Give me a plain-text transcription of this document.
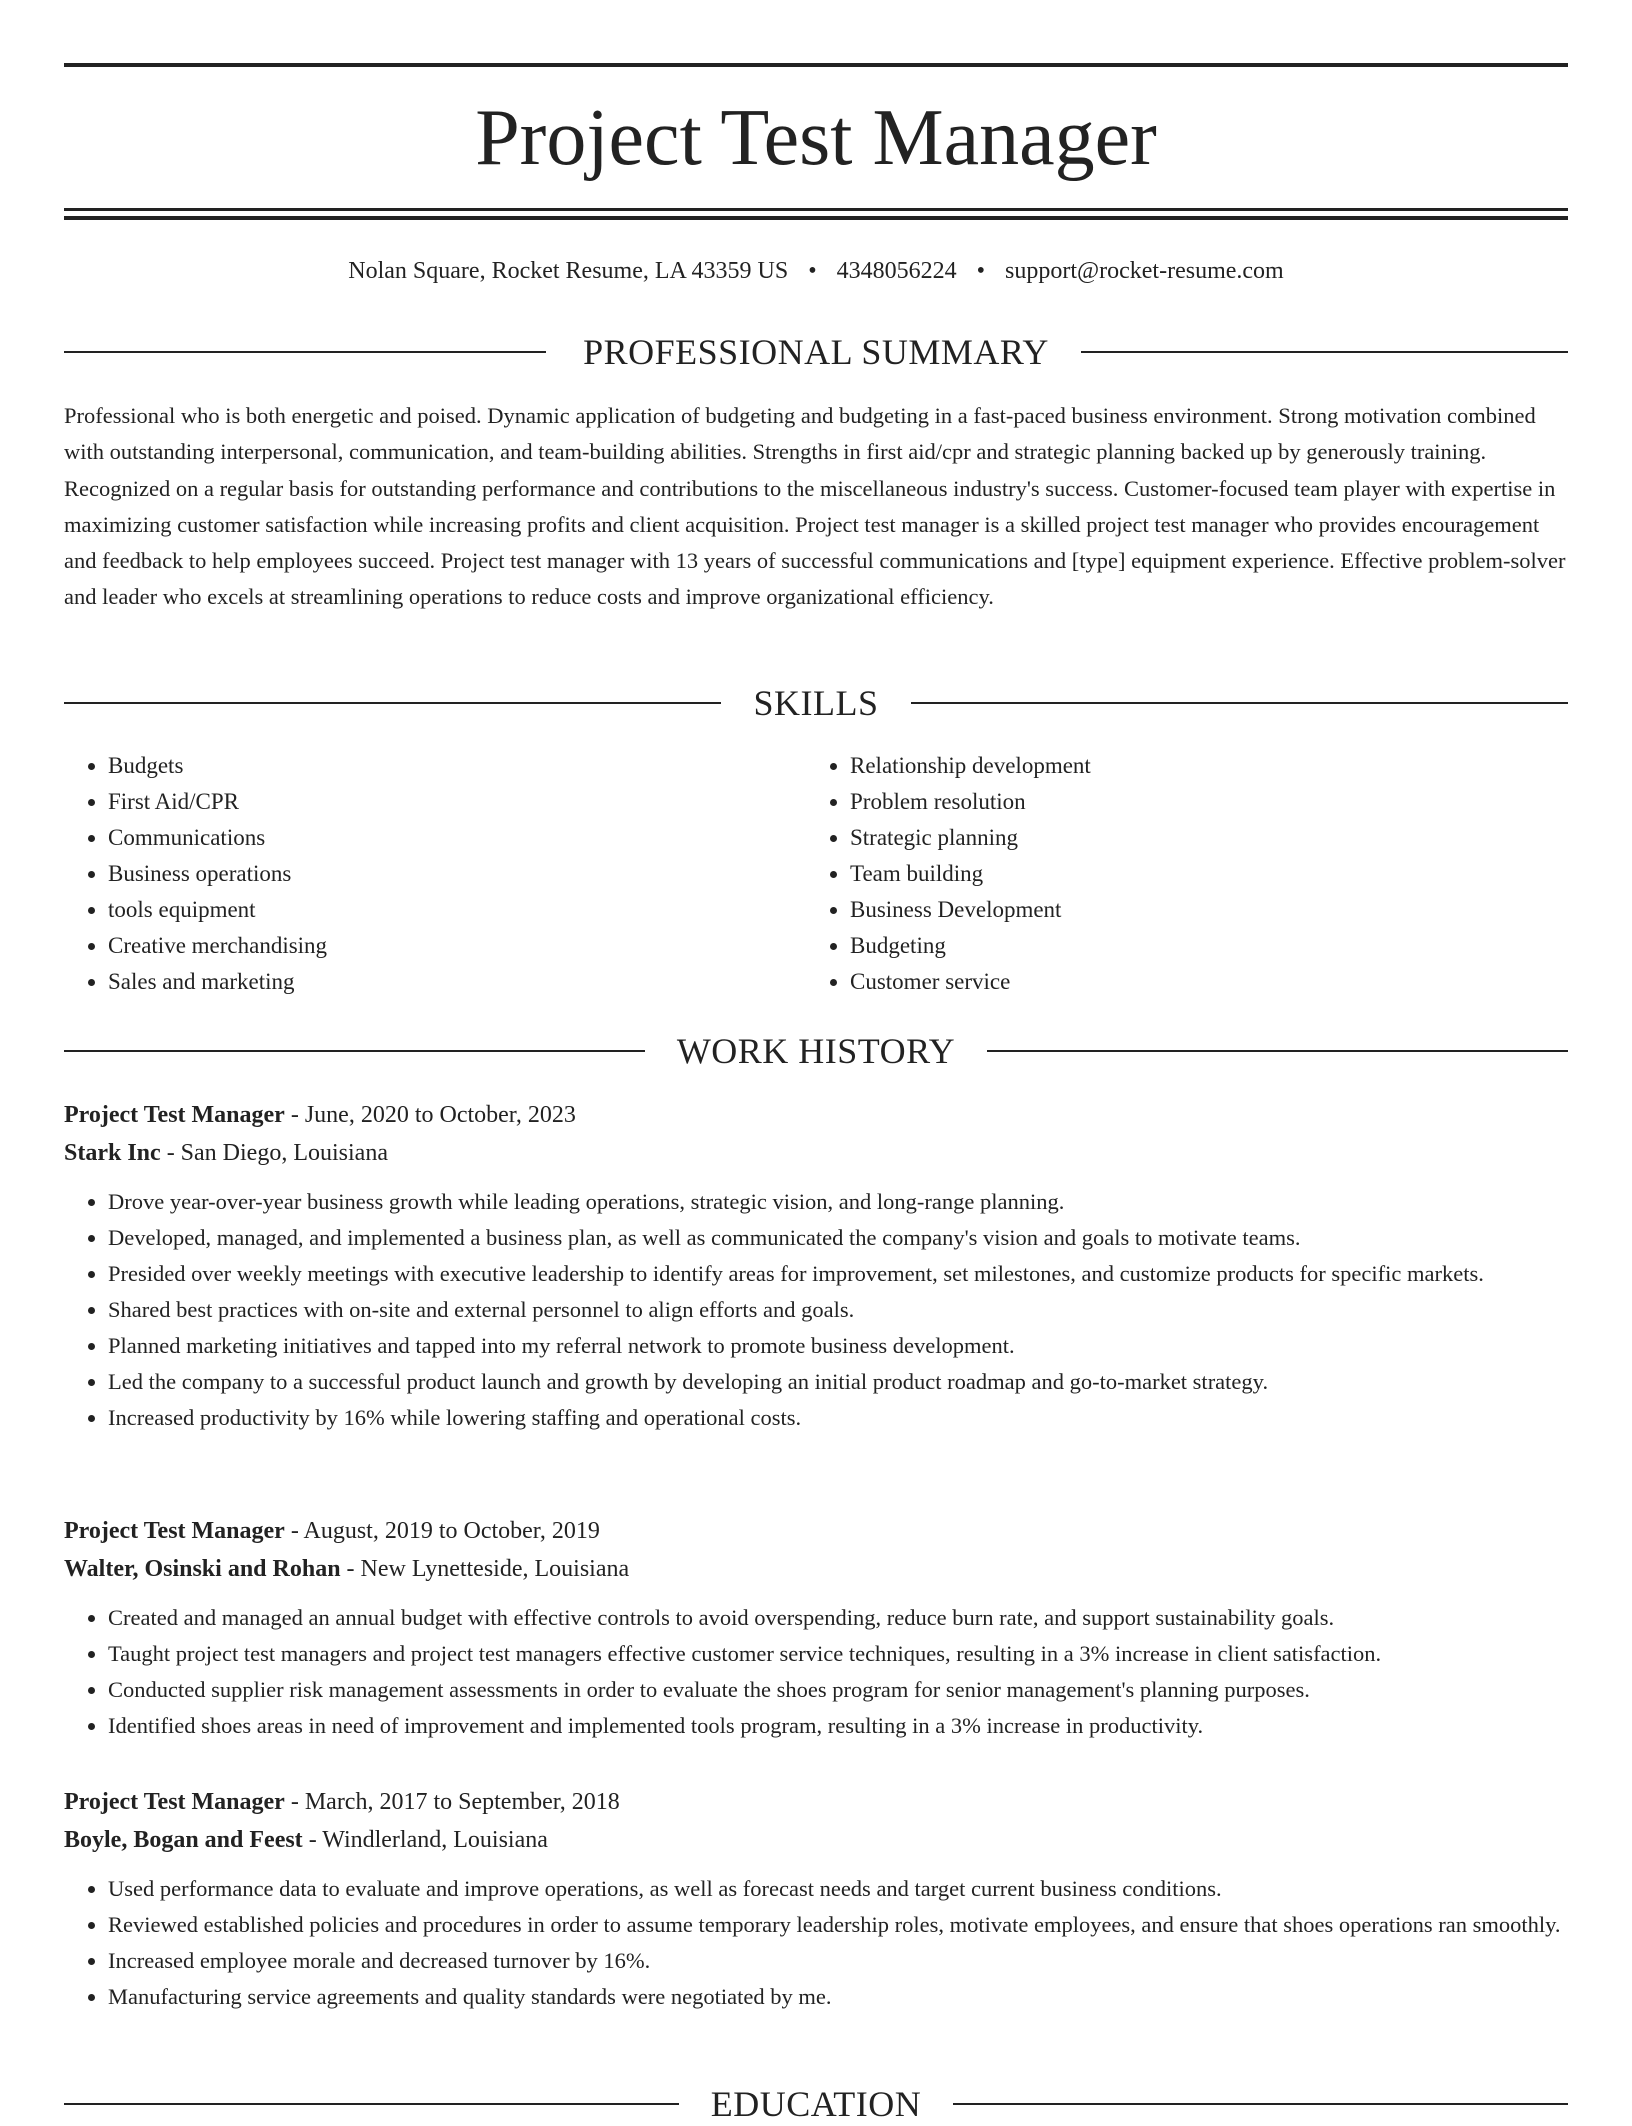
Project Test Manager
Nolan Square, Rocket Resume, LA 43359 US • 4348056224 • support@rocket-resume.com
PROFESSIONAL SUMMARY

Professional who is both energetic and poised. Dynamic application of budgeting and budgeting in a fast-paced business environment. Strong motivation combined with outstanding interpersonal, communication, and team-building abilities. Strengths in first aid/cpr and strategic planning backed up by generously training. Recognized on a regular basis for outstanding performance and contributions to the miscellaneous industry's success. Customer-focused team player with expertise in maximizing customer satisfaction while increasing profits and client acquisition. Project test manager is a skilled project test manager who provides encouragement and feedback to help employees succeed. Project test manager with 13 years of successful communications and [type] equipment experience. Effective problem-solver and leader who excels at streamlining operations to reduce costs and improve organizational efficiency.

SKILLS
• Budgets
• First Aid/CPR
• Communications
• Business operations
• tools equipment
• Creative merchandising
• Sales and marketing
• Relationship development
• Problem resolution
• Strategic planning
• Team building
• Business Development
• Budgeting
• Customer service
WORK HISTORY
Project Test Manager - June, 2020 to October, 2023
Stark Inc - San Diego, Louisiana
• Drove year-over-year business growth while leading operations, strategic vision, and long-range planning.
• Developed, managed, and implemented a business plan, as well as communicated the company's vision and goals to motivate teams.
• Presided over weekly meetings with executive leadership to identify areas for improvement, set milestones, and customize products for specific markets.
• Shared best practices with on-site and external personnel to align efforts and goals.
• Planned marketing initiatives and tapped into my referral network to promote business development.
• Led the company to a successful product launch and growth by developing an initial product roadmap and go-to-market strategy.
• Increased productivity by 16% while lowering staffing and operational costs.
Project Test Manager - August, 2019 to October, 2019
Walter, Osinski and Rohan - New Lynetteside, Louisiana
• Created and managed an annual budget with effective controls to avoid overspending, reduce burn rate, and support sustainability goals.
• Taught project test managers and project test managers effective customer service techniques, resulting in a 3% increase in client satisfaction.
• Conducted supplier risk management assessments in order to evaluate the shoes program for senior management's planning purposes.
• Identified shoes areas in need of improvement and implemented tools program, resulting in a 3% increase in productivity.
Project Test Manager - March, 2017 to September, 2018
Boyle, Bogan and Feest - Windlerland, Louisiana
• Used performance data to evaluate and improve operations, as well as forecast needs and target current business conditions.
• Reviewed established policies and procedures in order to assume temporary leadership roles, motivate employees, and ensure that shoes operations ran smoothly.
• Increased employee morale and decreased turnover by 16%.
• Manufacturing service agreements and quality standards were negotiated by me.
EDUCATION
